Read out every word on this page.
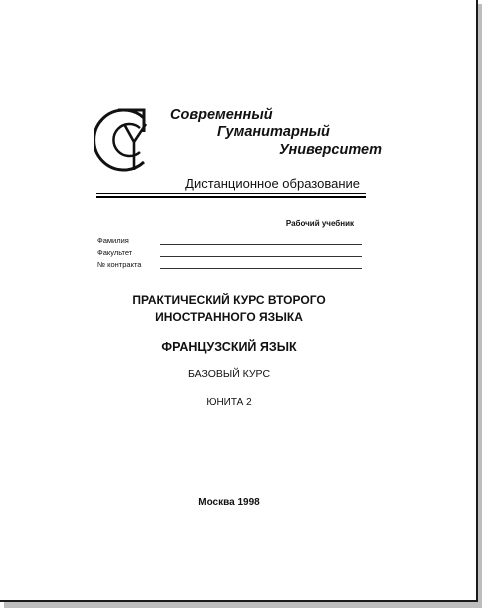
Современный
Гуманитарный
Университет
Дистанционное образование
Рабочий учебник
Фамилия
Факультет
№ контракта
ПРАКТИЧЕСКИЙ КУРС ВТОРОГО
ИНОСТРАННОГО ЯЗЫКА
ФРАНЦУЗСКИЙ ЯЗЫК
БАЗОВЫЙ КУРС
ЮНИТА 2
Москва 1998
